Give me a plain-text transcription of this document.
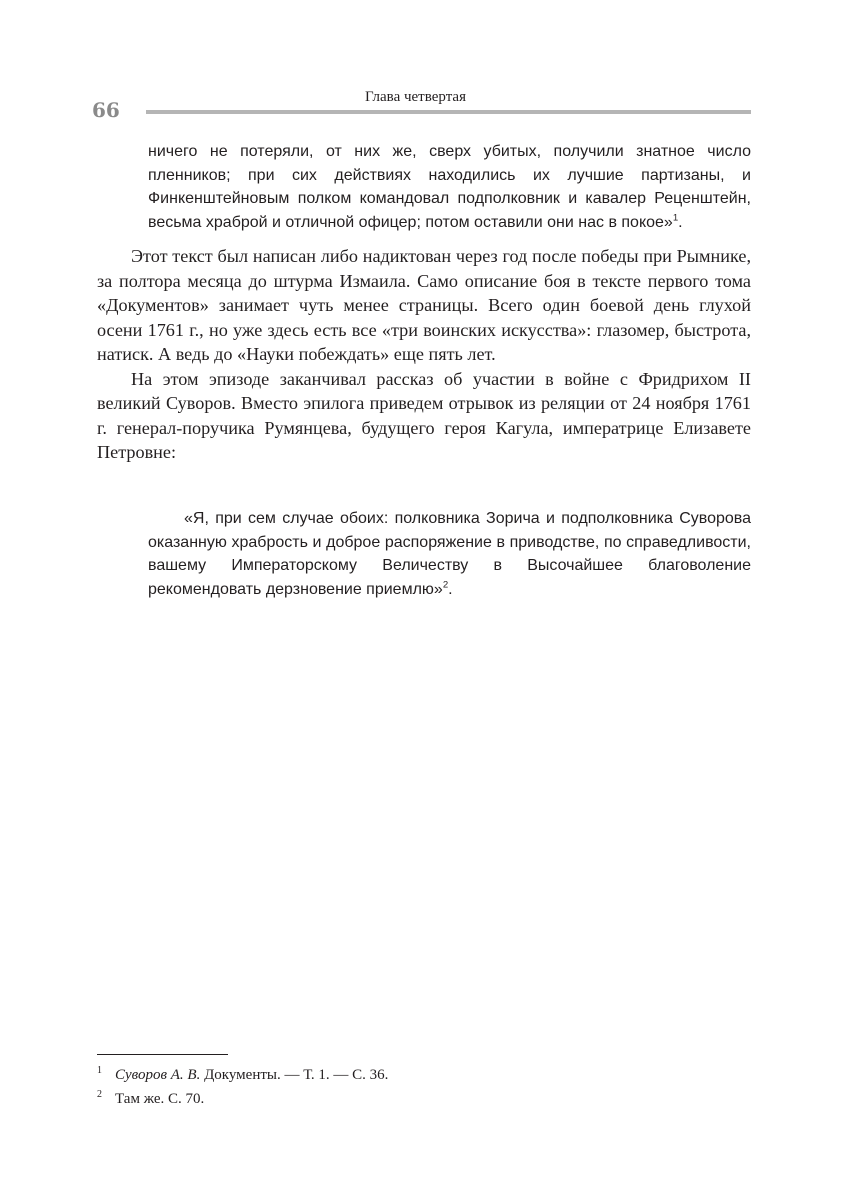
66
Глава четвертая
ничего не потеряли, от них же, сверх убитых, получили знатное число пленников; при сих действиях находились их лучшие партизаны, и Финкенштейновым полком командовал подполковник и кавалер Реценштейн, весьма храброй и отличной офицер; потом оставили они нас в покое»$^1$.

Этот текст был написан либо надиктован через год после победы при Рымнике, за полтора месяца до штурма Измаила. Само описание боя в тексте первого тома «Документов» занимает чуть менее страницы. Всего один боевой день глухой осени 1761 г., но уже здесь есть все «три воинских искусства»: глазомер, быстрота, натиск. А ведь до «Науки побеждать» еще пять лет.

На этом эпизоде заканчивал рассказ об участии в войне с Фридрихом II великий Суворов. Вместо эпилога приведем отрывок из реляции от 24 ноября 1761 г. генерал-поручика Румянцева, будущего героя Кагула, императрице Елизавете Петровне:

«Я, при сем случае обоих: полковника Зорича и подполковника Суворова оказанную храбрость и доброе распоряжение в приводстве, по справедливости, вашему Императорскому Величеству в Высочайшее благоволение рекомендовать дерзновение приемлю»$^2$.

1 Суворов А. В. Документы. — Т. 1. — С. 36.

2 Там же. С. 70.
